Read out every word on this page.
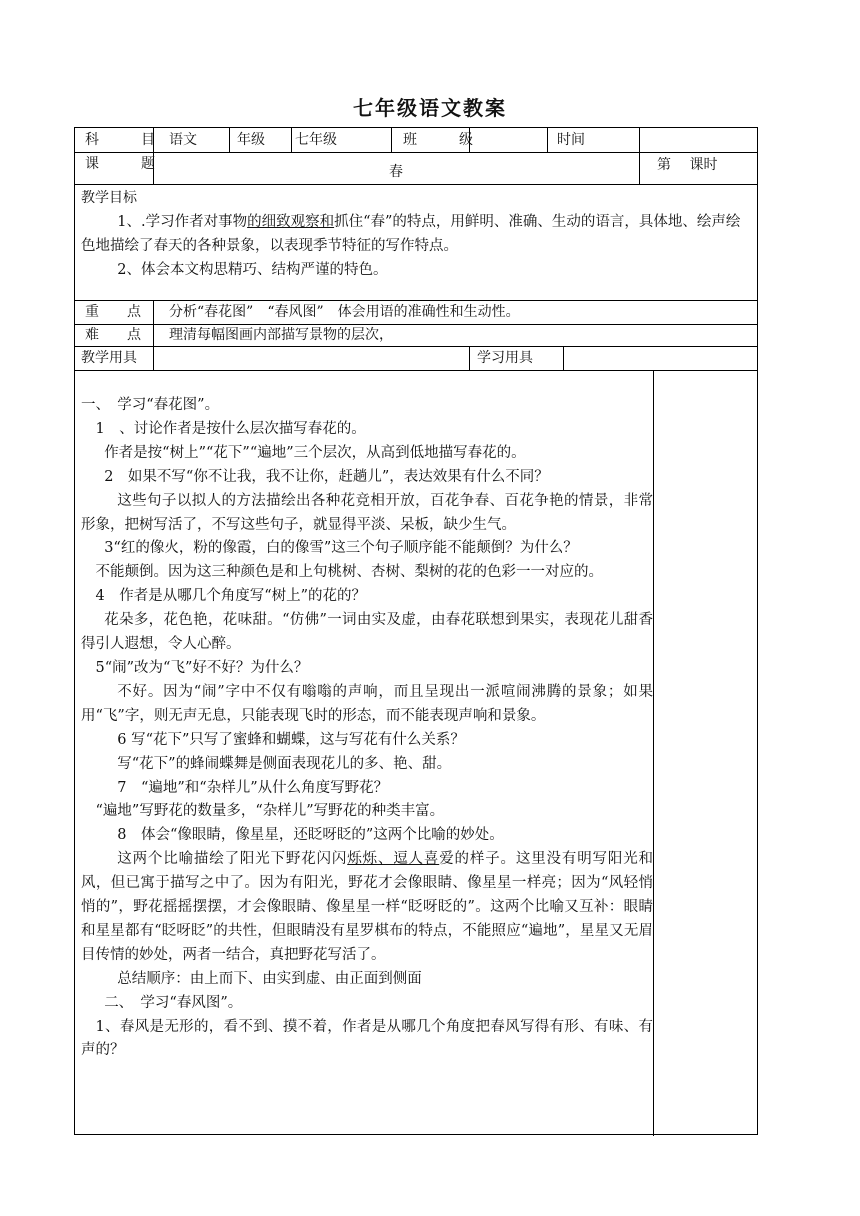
七年级语文教案
科　目 语文	年级 七年级	班　级	时间
课　题	春	第　 课时
教学目标

1、.学习作者对事物的细致观察和抓住“春”的特点，用鲜明、准确、生动的语言，具体地、绘声绘色地描绘了春天的各种景象，以表现季节特征的写作特点。

2、体会本文构思精巧、结构严谨的特色。

重　　点 分析“春花图”　“春风图”　体会用语的准确性和生动性。
难　　点 理清每幅图画内部描写景物的层次，
教学用具	学习用具

一、　学习“春花图”。

1　、讨论作者是按什么层次描写春花的。

作者是按“树上”“花下”“遍地”三个层次，从高到低地描写春花的。

2　如果不写“你不让我，我不让你，赶趟儿”，表达效果有什么不同？

这些句子以拟人的方法描绘出各种花竞相开放，百花争春、百花争艳的情景，非常形象，把树写活了，不写这些句子，就显得平淡、呆板，缺少生气。

3“红的像火，粉的像霞，白的像雪”这三个句子顺序能不能颠倒？为什么？

不能颠倒。因为这三种颜色是和上句桃树、杏树、梨树的花的色彩一一对应的。

4　作者是从哪几个角度写“树上”的花的？

花朵多，花色艳，花味甜。“仿佛”一词由实及虚，由春花联想到果实，表现花儿甜香得引人遐想，令人心醉。

5“闹”改为“飞”好不好？为什么？

不好。因为“闹”字中不仅有嗡嗡的声响，而且呈现出一派喧闹沸腾的景象；如果用“飞”字，则无声无息，只能表现飞时的形态，而不能表现声响和景象。

6 写“花下”只写了蜜蜂和蝴蝶，这与写花有什么关系？

写“花下”的蜂闹蝶舞是侧面表现花儿的多、艳、甜。

7　“遍地”和“杂样儿”从什么角度写野花？

“遍地”写野花的数量多，“杂样儿”写野花的种类丰富。

8　体会“像眼睛，像星星，还眨呀眨的”这两个比喻的妙处。

这两个比喻描绘了阳光下野花闪闪烁烁、逗人喜爱的样子。这里没有明写阳光和风，但已寓于描写之中了。因为有阳光，野花才会像眼睛、像星星一样亮；因为“风轻悄悄的”，野花摇摇摆摆，才会像眼睛、像星星一样“眨呀眨的”。这两个比喻又互补：眼睛和星星都有“眨呀眨”的共性，但眼睛没有星罗棋布的特点，不能照应“遍地”，星星又无眉目传情的妙处，两者一结合，真把野花写活了。

总结顺序：由上而下、由实到虚、由正面到侧面

二、　学习“春风图”。

1、春风是无形的，看不到、摸不着，作者是从哪几个角度把春风写得有形、有味、有声的？
